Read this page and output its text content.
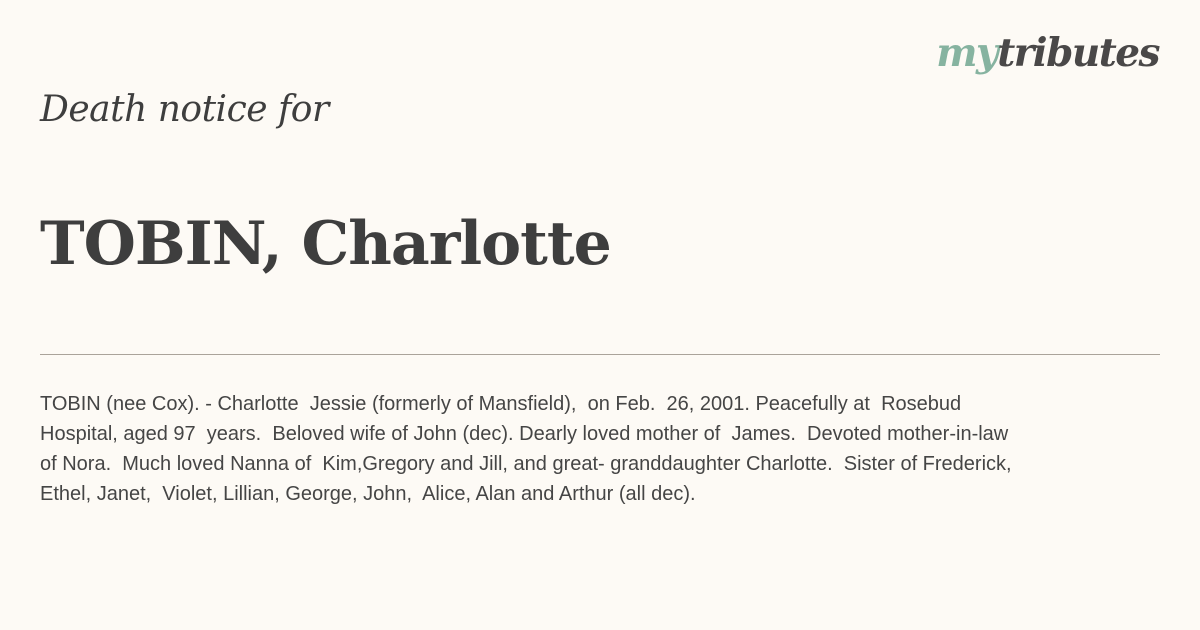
mytributes
Death notice for
TOBIN, Charlotte

TOBIN (nee Cox). - Charlotte  Jessie (formerly of Mansfield),  on Feb.  26, 2001. Peacefully at  Rosebud
Hospital, aged 97  years.  Beloved wife of John (dec). Dearly loved mother of  James.  Devoted mother-in-law
of Nora.  Much loved Nanna of  Kim,Gregory and Jill, and great- granddaughter Charlotte.  Sister of Frederick,
Ethel, Janet,  Violet, Lillian, George, John,  Alice, Alan and Arthur (all dec).
